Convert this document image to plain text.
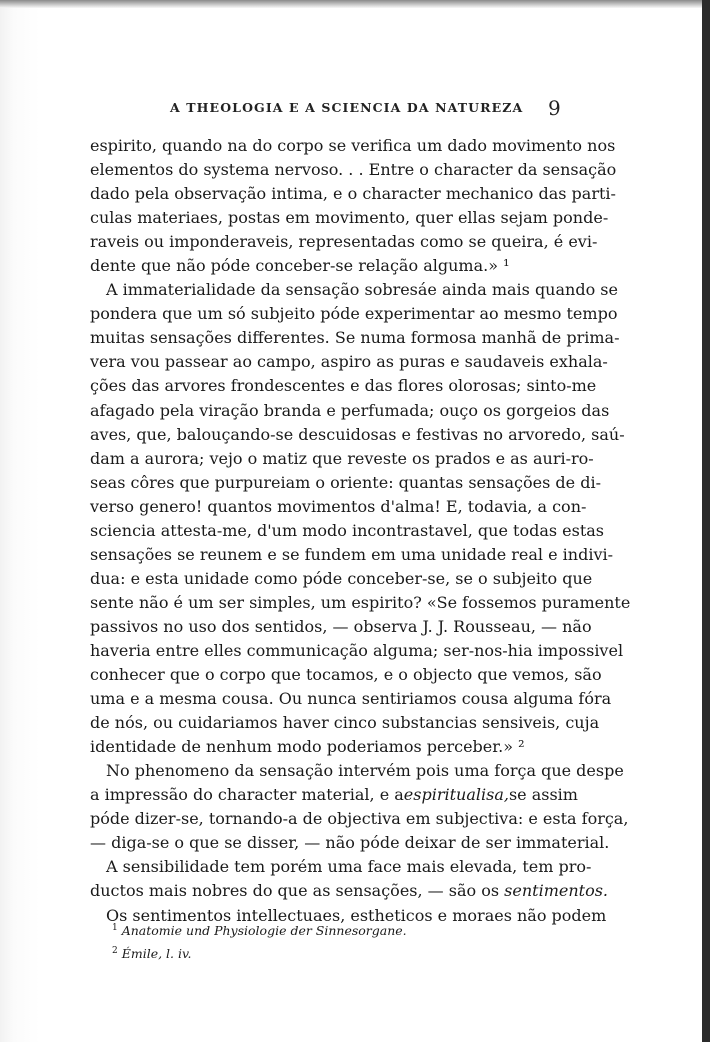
A THEOLOGIA E A SCIENCIA DA NATUREZA 9
espirito, quando na do corpo se verifica um dado movimento nos
elementos do systema nervoso. . . Entre o character da sensação
dado pela observação intima, e o character mechanico das parti-
culas materiaes, postas em movimento, quer ellas sejam ponde-
raveis ou imponderaveis, representadas como se queira, é evi-
dente que não póde conceber-se relação alguma.» ¹
A immaterialidade da sensação sobresáe ainda mais quando se
pondera que um só subjeito póde experimentar ao mesmo tempo
muitas sensações differentes. Se numa formosa manhã de prima-
vera vou passear ao campo, aspiro as puras e saudaveis exhala-
ções das arvores frondescentes e das flores olorosas; sinto-me
afagado pela viração branda e perfumada; ouço os gorgeios das
aves, que, balouçando-se descuidosas e festivas no arvoredo, saú-
dam a aurora; vejo o matiz que reveste os prados e as auri-ro-
seas côres que purpureiam o oriente: quantas sensações de di-
verso genero! quantos movimentos d'alma! E, todavia, a con-
sciencia attesta-me, d'um modo incontrastavel, que todas estas
sensações se reunem e se fundem em uma unidade real e indivi-
dua: e esta unidade como póde conceber-se, se o subjeito que
sente não é um ser simples, um espirito? «Se fossemos puramente
passivos no uso dos sentidos, — observa J. J. Rousseau, — não
haveria entre elles communicação alguma; ser-nos-hia impossivel
conhecer que o corpo que tocamos, e o objecto que vemos, são
uma e a mesma cousa. Ou nunca sentiriamos cousa alguma fóra
de nós, ou cuidariamos haver cinco substancias sensiveis, cuja
identidade de nenhum modo poderiamos perceber.» ²
No phenomeno da sensação intervém pois uma força que despe
a impressão do character material, e a espiritualisa, se assim
póde dizer-se, tornando-a de objectiva em subjectiva: e esta força,
— diga-se o que se disser, — não póde deixar de ser immaterial.
A sensibilidade tem porém uma face mais elevada, tem pro-
ductos mais nobres do que as sensações, — são os
sentimentos.
Os sentimentos intellectuaes, estheticos e moraes não podem
$^1$ Anatomie und Physiologie der Sinnesorgane.
$^2$ Émile, l. iv.
